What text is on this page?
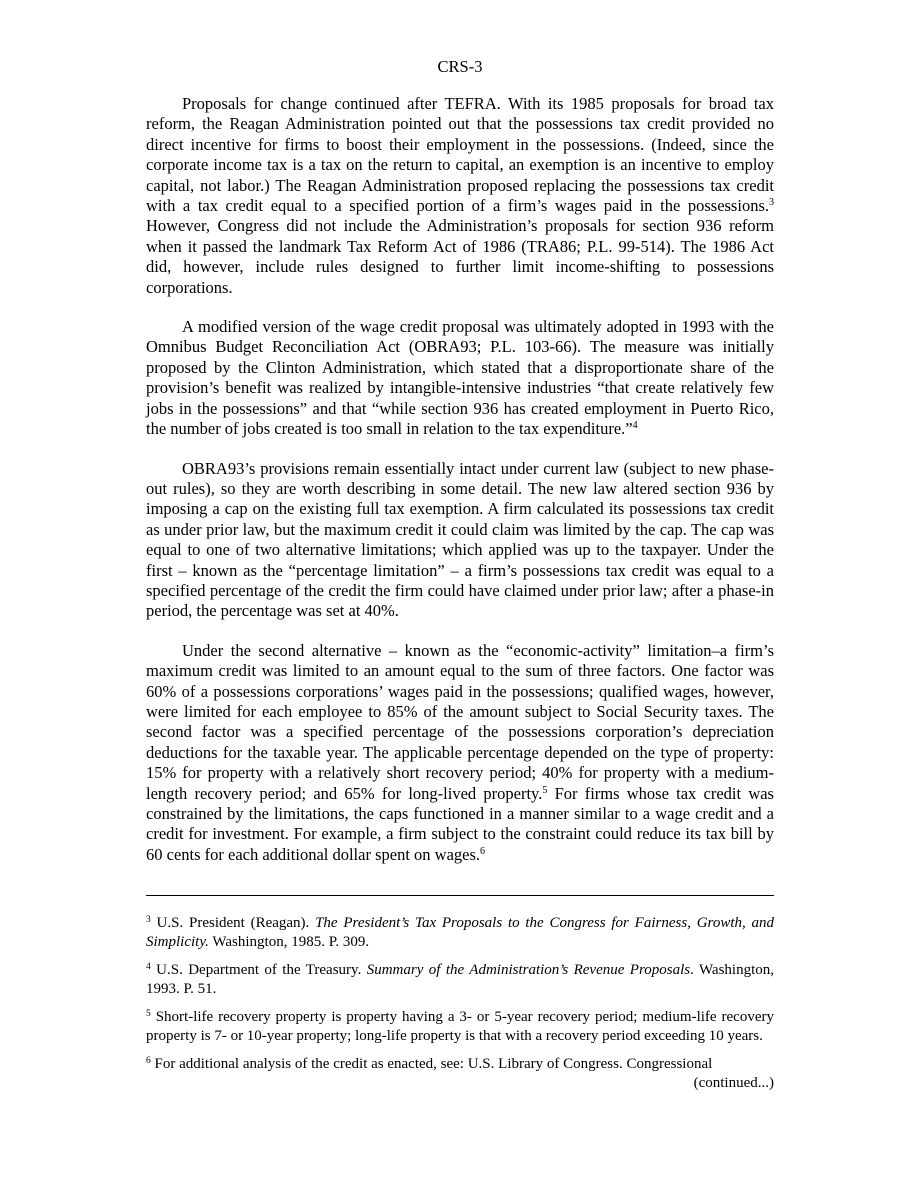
CRS-3

Proposals for change continued after TEFRA. With its 1985 proposals for broad tax reform, the Reagan Administration pointed out that the possessions tax credit provided no direct incentive for firms to boost their employment in the possessions. (Indeed, since the corporate income tax is a tax on the return to capital, an exemption is an incentive to employ capital, not labor.) The Reagan Administration proposed replacing the possessions tax credit with a tax credit equal to a specified portion of a firm’s wages paid in the possessions.$^3$ However, Congress did not include the Administration’s proposals for section 936 reform when it passed the landmark Tax Reform Act of 1986 (TRA86; P.L. 99-514). The 1986 Act did, however, include rules designed to further limit income-shifting to possessions corporations.

A modified version of the wage credit proposal was ultimately adopted in 1993 with the Omnibus Budget Reconciliation Act (OBRA93; P.L. 103-66). The measure was initially proposed by the Clinton Administration, which stated that a disproportionate share of the provision’s benefit was realized by intangible-intensive industries “that create relatively few jobs in the possessions” and that “while section 936 has created employment in Puerto Rico, the number of jobs created is too small in relation to the tax expenditure.”$^4$

OBRA93’s provisions remain essentially intact under current law (subject to new phase-out rules), so they are worth describing in some detail. The new law altered section 936 by imposing a cap on the existing full tax exemption. A firm calculated its possessions tax credit as under prior law, but the maximum credit it could claim was limited by the cap. The cap was equal to one of two alternative limitations; which applied was up to the taxpayer. Under the first – known as the “percentage limitation” – a firm’s possessions tax credit was equal to a specified percentage of the credit the firm could have claimed under prior law; after a phase-in period, the percentage was set at 40%.

Under the second alternative – known as the “economic-activity” limitation–a firm’s maximum credit was limited to an amount equal to the sum of three factors. One factor was 60% of a possessions corporations’ wages paid in the possessions; qualified wages, however, were limited for each employee to 85% of the amount subject to Social Security taxes. The second factor was a specified percentage of the possessions corporation’s depreciation deductions for the taxable year. The applicable percentage depended on the type of property: 15% for property with a relatively short recovery period; 40% for property with a medium-length recovery period; and 65% for long-lived property.$^5$ For firms whose tax credit was constrained by the limitations, the caps functioned in a manner similar to a wage credit and a credit for investment. For example, a firm subject to the constraint could reduce its tax bill by 60 cents for each additional dollar spent on wages.$^6$

$^3$ U.S. President (Reagan). The President’s Tax Proposals to the Congress for Fairness, Growth, and Simplicity. Washington, 1985. P. 309.

$^4$ U.S. Department of the Treasury. Summary of the Administration’s Revenue Proposals. Washington, 1993. P. 51.

$^5$ Short-life recovery property is property having a 3- or 5-year recovery period; medium-life recovery property is 7- or 10-year property; long-life property is that with a recovery period exceeding 10 years.

$^6$ For additional analysis of the credit as enacted, see: U.S. Library of Congress. Congressional

(continued...)
